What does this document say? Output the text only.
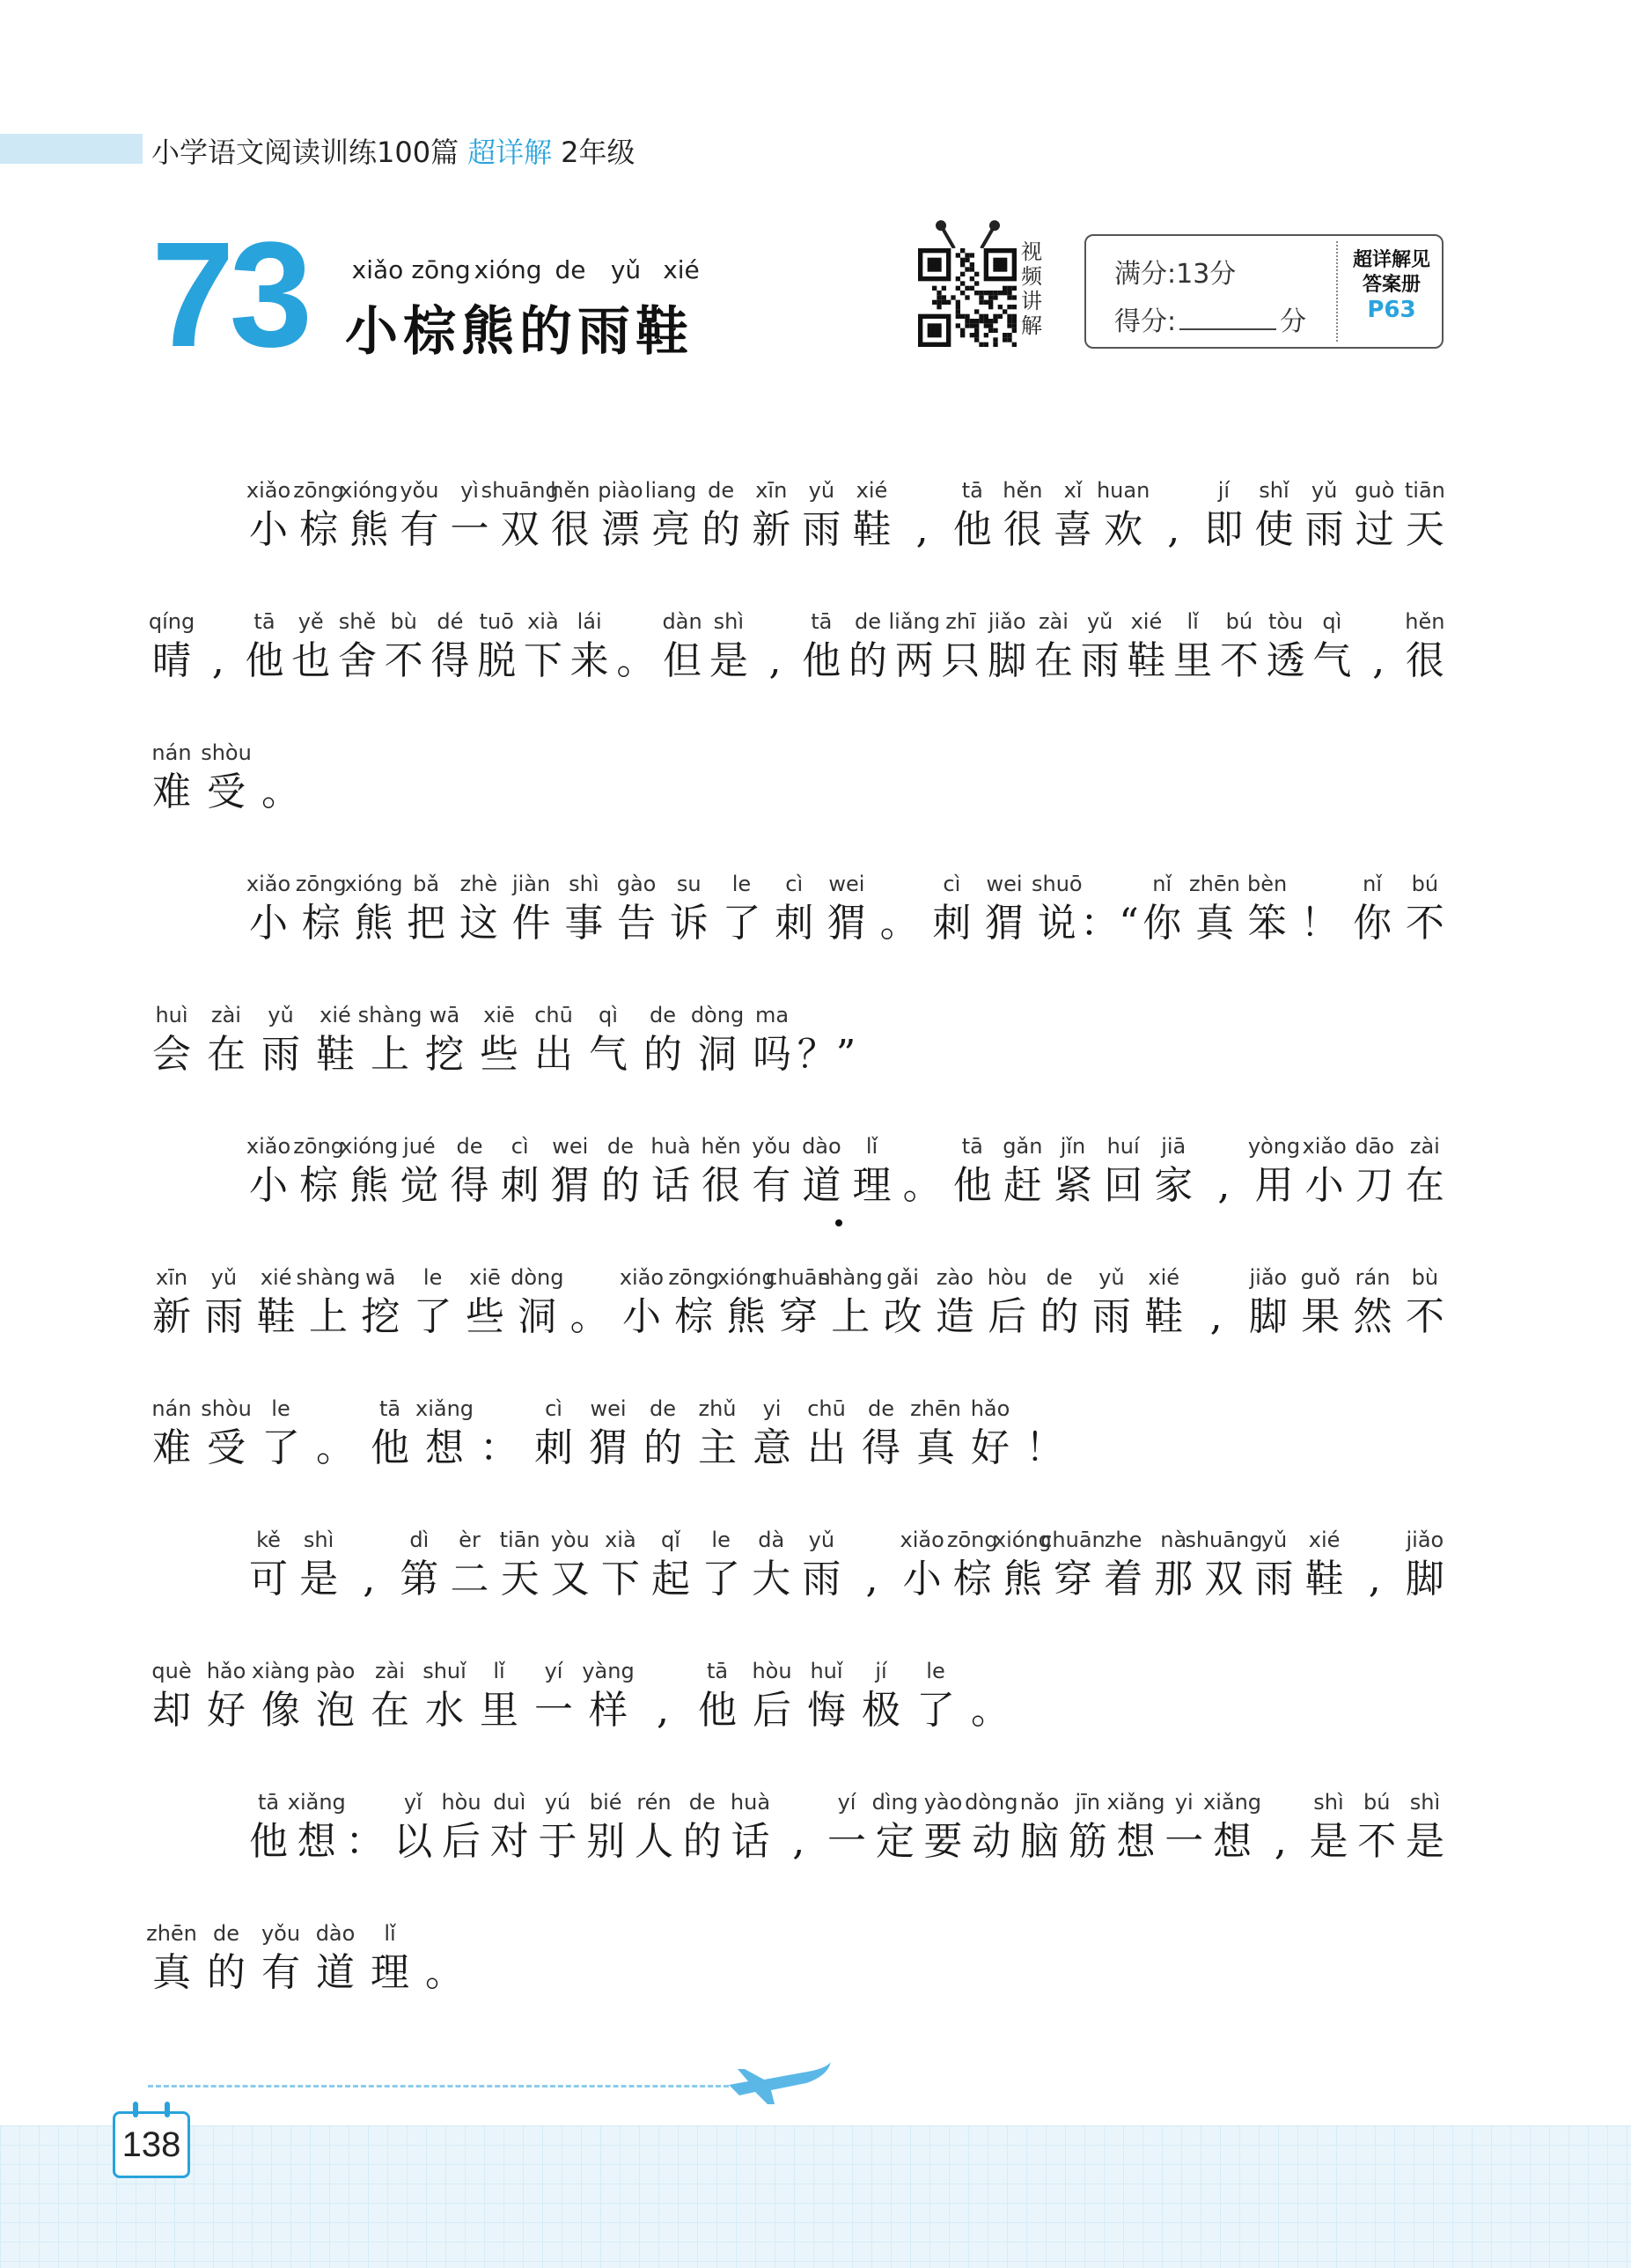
小学语文阅读训练100篇 超详解 2年级
73 xiǎo zōng xióng de	yǔ xié
小棕熊的雨鞋
视频讲解
满分:13分
得分:	分
超详解见
答案册
P63
xiǎo
小
zōng
棕
xióng
熊
yǒu
有
yì
一
shuāng
双
hěn
很
piào
漂
liang
亮
de
的
xīn
新
yǔ
雨
xié
鞋 ,
tā
他
hěn
很
xǐ
喜
huan
欢 ,
jí
即
shǐ
使
yǔ
雨
guò
过
tiān
天
qíng
晴 ,
tā
他
yě
也
shě
舍
bù
不
dé
得
tuō
脱
xià
下
lái
来 。
dàn
但
shì
是 ,
tā
他
de
的
liǎng
两
zhī
只
jiǎo
脚
zài
在
yǔ
雨
xié
鞋
lǐ
里
bú
不
tòu
透
qì
气 ,
hěn
很
nán
难
shòu
受 。
xiǎo
小
zōng
棕
xióng
熊
bǎ
把
zhè
这
jiàn
件
shì
事
gào
告
su
诉
le
了
cì
刺
wei
猬 。
cì
刺
wei
猬
shuō
说 ：“
nǐ
你
zhēn
真
bèn
笨 ！
nǐ
你
bú
不
huì
会
zài
在
yǔ
雨
xié
鞋
shàng
上
wā
挖
xiē
些
chū
出
qì
气
de
的
dòng
洞
ma
吗 ？”
xiǎo
小
zōng
棕
xióng
熊
jué
觉
de
得
cì
刺
wei
猬
de
的
huà
话
hěn
很
yǒu
有
dào
道
lǐ
理 。
tā
他
gǎn
赶
jǐn
紧
huí
回
jiā
家 ,
yòng
用
xiǎo
小
dāo
刀
zài
在
xīn
新
yǔ
雨
xié
鞋
shàng
上
wā
挖
le
了
xiē
些
dòng
洞 。
xiǎo
小
zōng
棕
xióng
熊
chuān
穿
shàng
上
gǎi
改
zào
造
hòu
后
de
的
yǔ
雨
xié
鞋 ,
jiǎo
脚
guǒ
果
rán
然
bù
不
nán
难
shòu
受
le
了 。
tā
他
xiǎng
想 ：
cì
刺
wei
猬
de
的
zhǔ
主
yi
意
chū
出
de
得
zhēn
真
hǎo
好 ！
kě
可
shì
是 ,
dì
第
èr
二
tiān
天
yòu
又
xià
下
qǐ
起
le
了
dà
大
yǔ
雨 ,
xiǎo
小
zōng
棕
xióng
熊
chuān
穿
zhe
着
nà
那
shuāng
双
yǔ
雨
xié
鞋 ,
jiǎo
脚
què
却
hǎo
好
xiàng
像
pào
泡
zài
在
shuǐ
水
lǐ
里
yí
一
yàng
样 ,
tā
他
hòu
后
huǐ
悔
jí
极
le
了 。
tā
他
xiǎng
想 ：
yǐ
以
hòu
后
duì
对
yú
于
bié
别
rén
人
de
的
huà
话 ,
yí
一
dìng
定
yào
要
dòng
动
nǎo
脑
jīn
筋
xiǎng
想
yi
一
xiǎng
想 ,
shì
是
bú
不
shì
是
zhēn
真
de
的
yǒu
有
dào
道
lǐ
理 。
138
